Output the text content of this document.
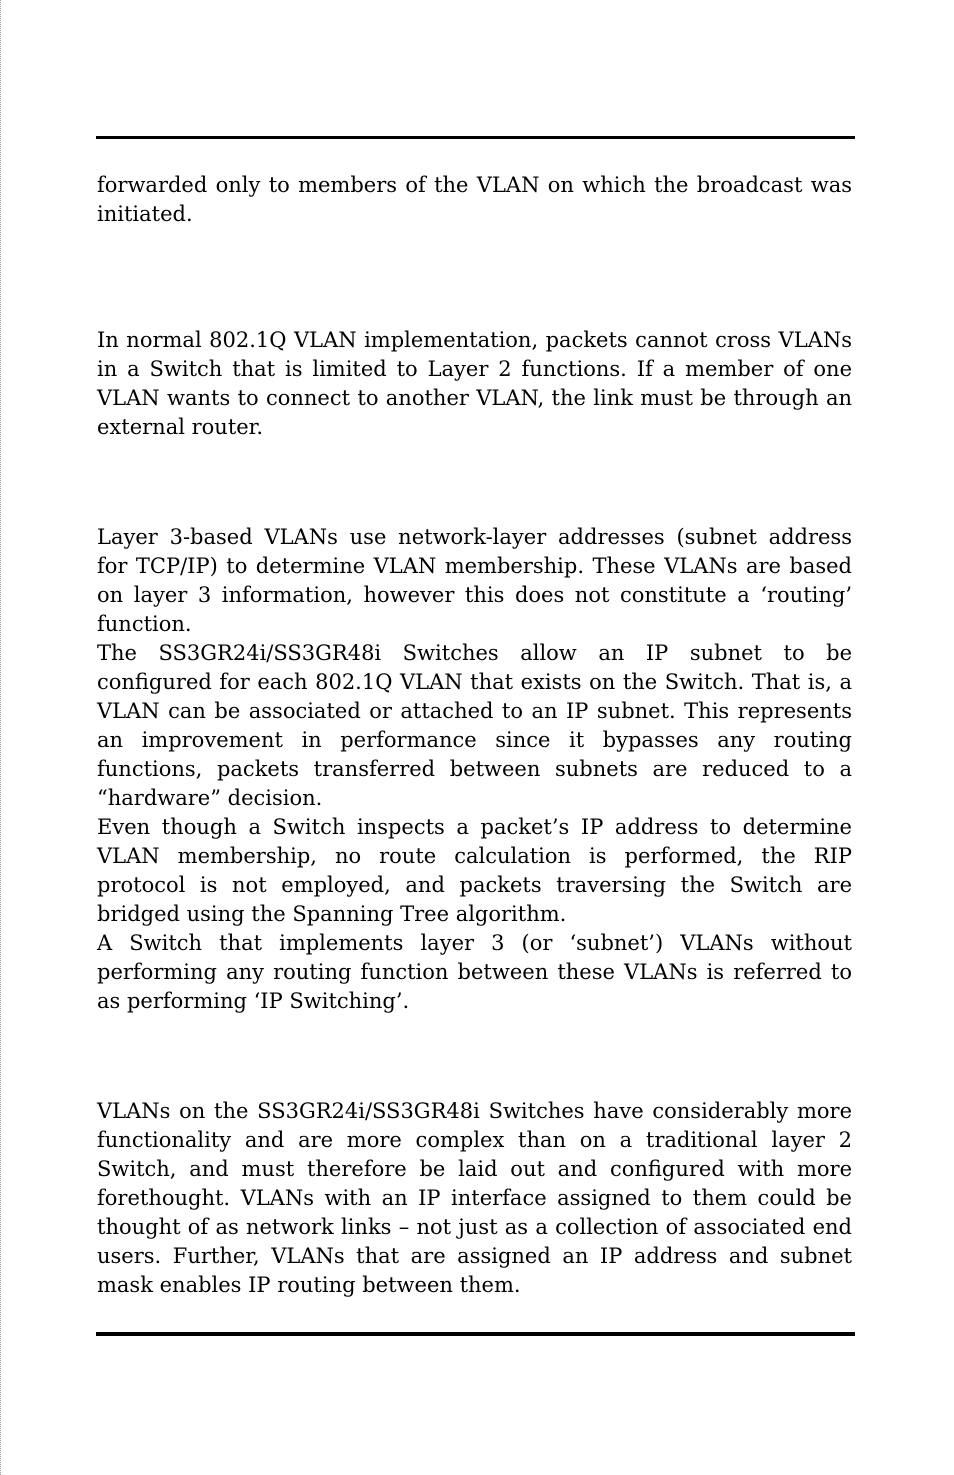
forwarded only to members of the VLAN on which the broadcast was initiated.

In normal 802.1Q VLAN implementation, packets cannot cross VLANs in a Switch that is limited to Layer 2 functions. If a member of one VLAN wants to connect to another VLAN, the link must be through an external router.

Layer 3-based VLANs use network-layer addresses (subnet address for TCP/IP) to determine VLAN membership. These VLANs are based on layer 3 information, however this does not constitute a ‘routing’ function.

The SS3GR24i/SS3GR48i Switches allow an IP subnet to be configured for each 802.1Q VLAN that exists on the Switch. That is, a VLAN can be associated or attached to an IP subnet. This represents an improvement in performance since it bypasses any routing functions, packets transferred between subnets are reduced to a “hardware” decision.

Even though a Switch inspects a packet’s IP address to determine VLAN membership, no route calculation is performed, the RIP protocol is not employed, and packets traversing the Switch are bridged using the Spanning Tree algorithm.

A Switch that implements layer 3 (or ‘subnet’) VLANs without performing any routing function between these VLANs is referred to as performing ‘IP Switching’.

VLANs on the SS3GR24i/SS3GR48i Switches have considerably more functionality and are more complex than on a traditional layer 2 Switch, and must therefore be laid out and configured with more forethought. VLANs with an IP interface assigned to them could be thought of as network links – not just as a collection of associated end users. Further, VLANs that are assigned an IP address and subnet mask enables IP routing between them.
